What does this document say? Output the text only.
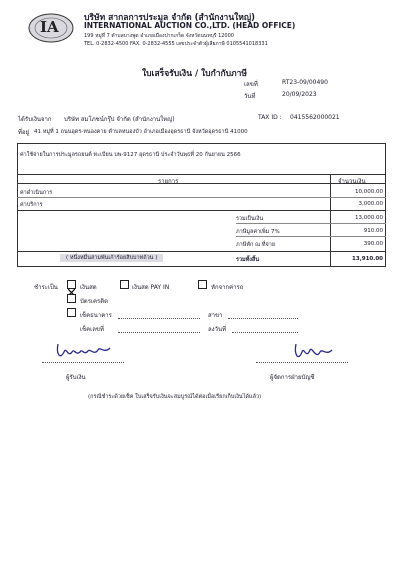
IA	บริษัท สากลการประมูล จำกัด (สำนักงานใหญ่)
INTERNATIONAL AUCTION CO.,LTD. (HEAD OFFICE)
199 หมู่ที่ 7 ตำบลบางพูด อำเภอเมืองปากเกร็ด จังหวัดนนทบุรี 12000
TEL. 0-2832-4500 FAX. 0-2832-4555 เลขประจำตัวผู้เสียภาษี 0105541018331
ใบเสร็จรับเงิน / ใบกำกับภาษี
เลขที่	RT23-09/00490
วันที่	20/09/2023
ได้รับเงินจาก บริษัท สมโภชน์กรุ๊ป จำกัด (สำนักงานใหญ่)	TAX ID : 0415562000021
ที่อยู่ 41 หมู่ที่ 1 ถนนอุดร-หนองคาย ตำบลหนองบัว อำเภอเมืองอุดรธานี จังหวัดอุดรธานี 41000
ค่าใช้จ่ายในการประมูลรถยนต์ ทะเบียน บพ-9127 อุดรธานี ประจำวันพุธที่ 20 กันยายน 2566
รายการ	จำนวนเงิน
ค่าดำเนินการ	10,000.00
ค่าบริการ	3,000.00
รวมเป็นเงิน	13,000.00
ภาษีมูลค่าเพิ่ม 7%	910.00
ภาษีหัก ณ ที่จ่าย	390.00
( หนึ่งหมื่นสามพันเก้าร้อยสิบบาทถ้วน )	รวมทั้งสิ้น	13,910.00
ชำระเป็น	เงินสด	เงินสด PAY IN	หักจากค่ารถ
บัตรเครดิต
เช็คธนาคาร	สาขา
เช็คเลขที่	ลงวันที่
ผู้รับเงิน	ผู้จัดการฝ่ายบัญชี
(กรณีชำระด้วยเช็ค ใบเสร็จรับเงินจะสมบูรณ์ได้ต่อเมื่อเรียกเก็บเงินได้แล้ว)
